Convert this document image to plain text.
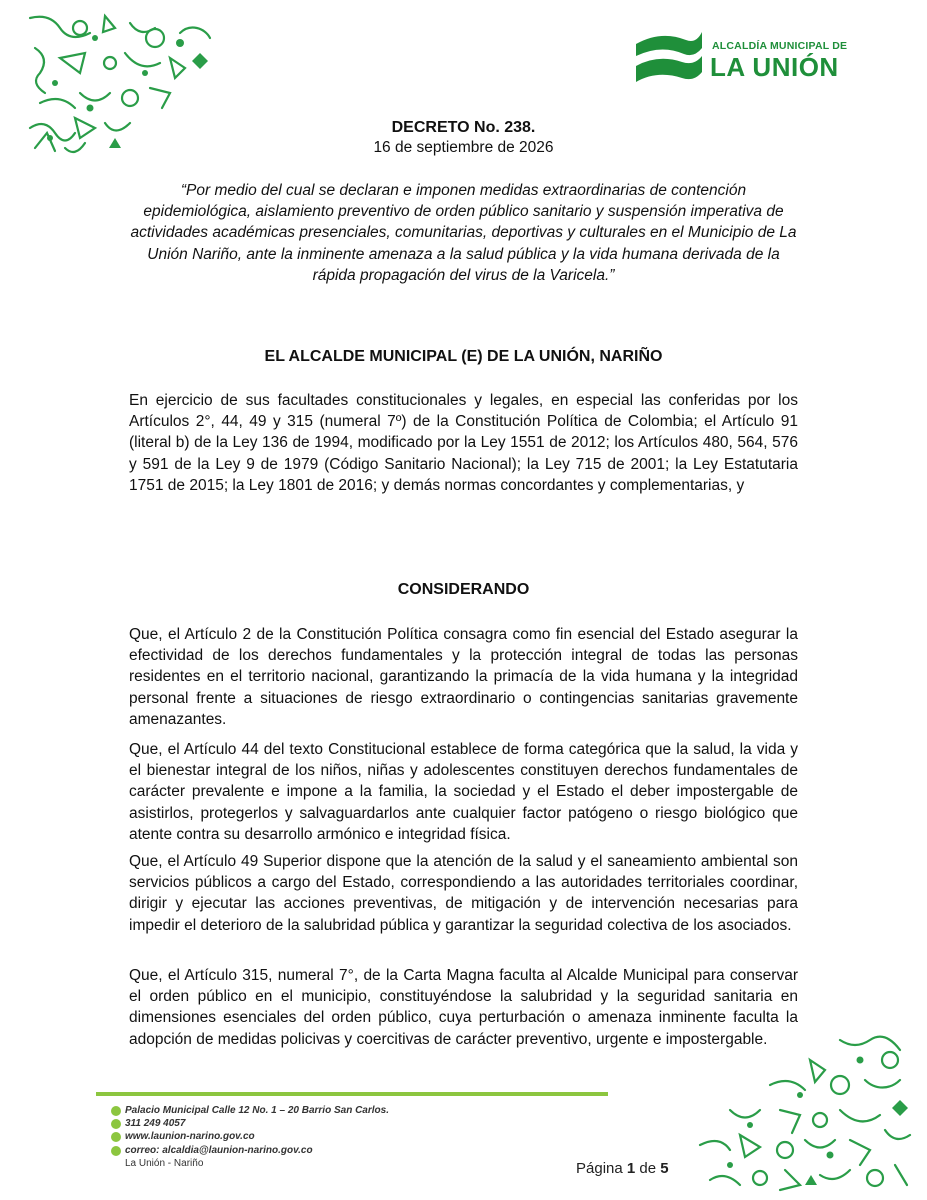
ALCALDÍA MUNICIPAL DE
LA UNIÓN
DECRETO No. 238.
16 de septiembre de 2026
“Por medio del cual se declaran e imponen medidas extraordinarias de contención epidemiológica, aislamiento preventivo de orden público sanitario y suspensión imperativa de actividades académicas presenciales, comunitarias, deportivas y culturales en el Municipio de La Unión Nariño, ante la inminente amenaza a la salud pública y la vida humana derivada de la rápida propagación del virus de la Varicela.”
EL ALCALDE MUNICIPAL (E) DE LA UNIÓN, NARIÑO
En ejercicio de sus facultades constitucionales y legales, en especial las conferidas por los Artículos 2°, 44, 49 y 315 (numeral 7º) de la Constitución Política de Colombia; el Artículo 91 (literal b) de la Ley 136 de 1994, modificado por la Ley 1551 de 2012; los Artículos 480, 564, 576 y 591 de la Ley 9 de 1979 (Código Sanitario Nacional); la Ley 715 de 2001; la Ley Estatutaria 1751 de 2015; la Ley 1801 de 2016; y demás normas concordantes y complementarias, y
CONSIDERANDO
Que, el Artículo 2 de la Constitución Política consagra como fin esencial del Estado asegurar la efectividad de los derechos fundamentales y la protección integral de todas las personas residentes en el territorio nacional, garantizando la primacía de la vida humana y la integridad personal frente a situaciones de riesgo extraordinario o contingencias sanitarias gravemente amenazantes.
Que, el Artículo 44 del texto Constitucional establece de forma categórica que la salud, la vida y el bienestar integral de los niños, niñas y adolescentes constituyen derechos fundamentales de carácter prevalente e impone a la familia, la sociedad y el Estado el deber impostergable de asistirlos, protegerlos y salvaguardarlos ante cualquier factor patógeno o riesgo biológico que atente contra su desarrollo armónico e integridad física.
Que, el Artículo 49 Superior dispone que la atención de la salud y el saneamiento ambiental son servicios públicos a cargo del Estado, correspondiendo a las autoridades territoriales coordinar, dirigir y ejecutar las acciones preventivas, de mitigación y de intervención necesarias para impedir el deterioro de la salubridad pública y garantizar la seguridad colectiva de los asociados.
Que, el Artículo 315, numeral 7°, de la Carta Magna faculta al Alcalde Municipal para conservar el orden público en el municipio, constituyéndose la salubridad y la seguridad sanitaria en dimensiones esenciales del orden público, cuya perturbación o amenaza inminente faculta la adopción de medidas policivas y coercitivas de carácter preventivo, urgente e impostergable.
Palacio Municipal Calle 12 No. 1 – 20 Barrio San Carlos.
311 249 4057
www.launion-narino.gov.co
correo: alcaldia@launion-narino.gov.co
La Unión - Nariño	Página 1 de 5
